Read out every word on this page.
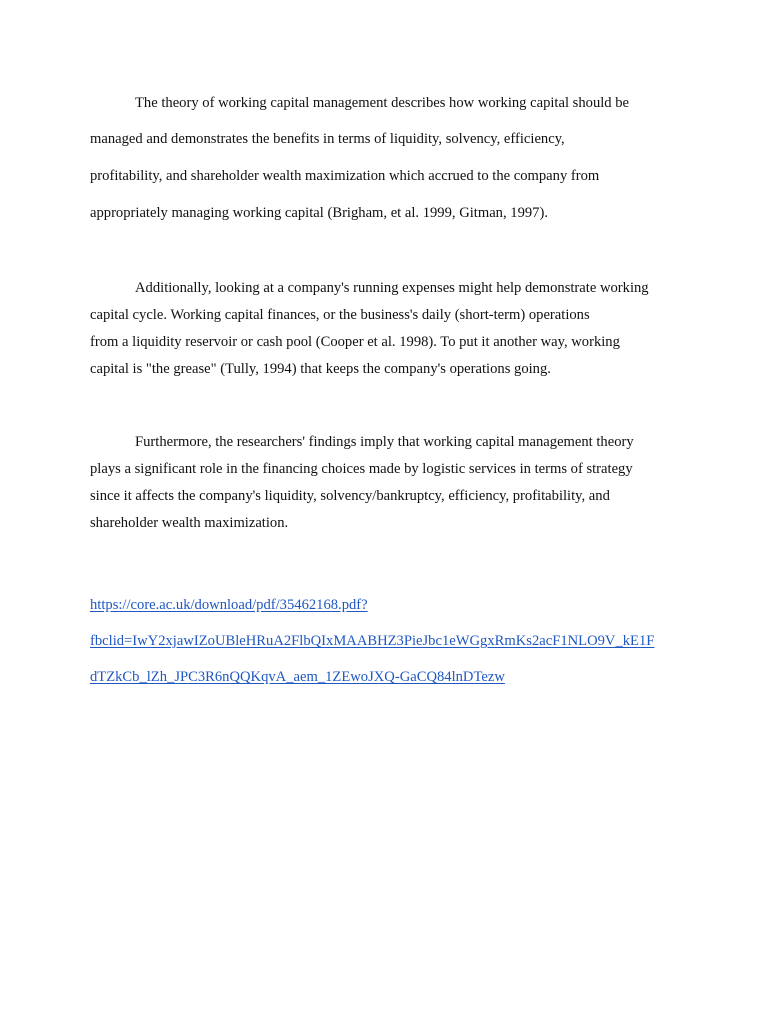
The theory of working capital management describes how working capital should be
managed and demonstrates the benefits in terms of liquidity, solvency, efficiency,
profitability, and shareholder wealth maximization which accrued to the company from
appropriately managing working capital (Brigham, et al. 1999, Gitman, 1997).
Additionally, looking at a company's running expenses might help demonstrate working
capital cycle. Working capital finances, or the business's daily (short-term) operations
from a liquidity reservoir or cash pool (Cooper et al. 1998). To put it another way, working
capital is "the grease" (Tully, 1994) that keeps the company's operations going.
Furthermore, the researchers' findings imply that working capital management theory
plays a significant role in the financing choices made by logistic services in terms of strategy
since it affects the company's liquidity, solvency/bankruptcy, efficiency, profitability, and
shareholder wealth maximization.
https://core.ac.uk/download/pdf/35462168.pdf?
fbclid=IwY2xjawIZoUBleHRuA2FlbQIxMAABHZ3PieJbc1eWGgxRmKs2acF1NLO9V_kE1F
dTZkCb_lZh_JPC3R6nQQKqvA_aem_1ZEwoJXQ-GaCQ84lnDTezw
